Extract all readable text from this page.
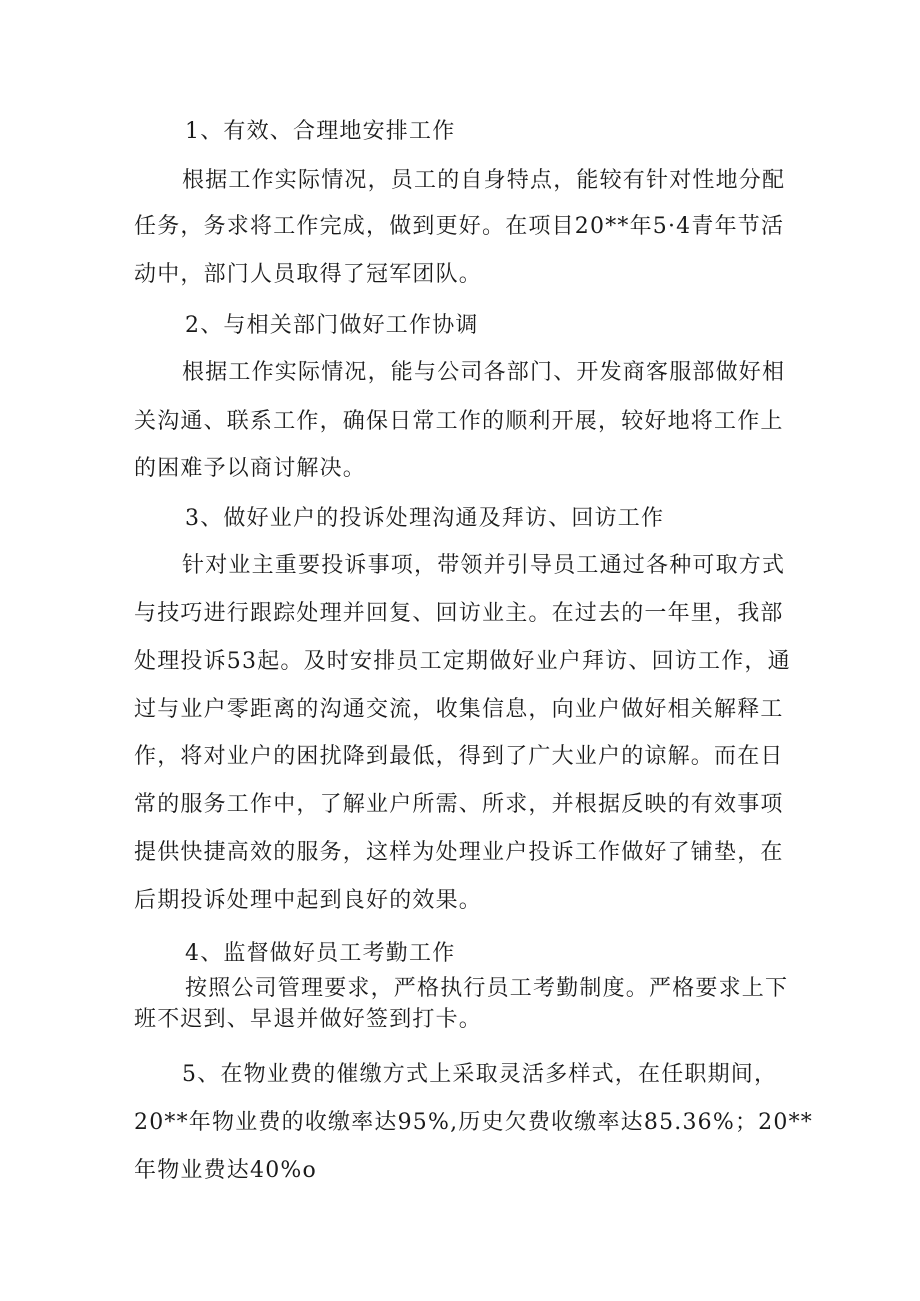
1、有效、合理地安排工作
根据工作实际情况，员工的自身特点，能较有针对性地分配
任务，务求将工作完成，做到更好。在项目20**年5·4青年节活
动中，部门人员取得了冠军团队。
2、与相关部门做好工作协调
根据工作实际情况，能与公司各部门、开发商客服部做好相
关沟通、联系工作，确保日常工作的顺利开展，较好地将工作上
的困难予以商讨解决。
3、做好业户的投诉处理沟通及拜访、回访工作
针对业主重要投诉事项，带领并引导员工通过各种可取方式
与技巧进行跟踪处理并回复、回访业主。在过去的一年里，我部
处理投诉53起。及时安排员工定期做好业户拜访、回访工作，通
过与业户零距离的沟通交流，收集信息，向业户做好相关解释工
作，将对业户的困扰降到最低，得到了广大业户的谅解。而在日
常的服务工作中，了解业户所需、所求，并根据反映的有效事项
提供快捷高效的服务，这样为处理业户投诉工作做好了铺垫，在
后期投诉处理中起到良好的效果。
4、监督做好员工考勤工作
按照公司管理要求，严格执行员工考勤制度。严格要求上下
班不迟到、早退并做好签到打卡。
5、在物业费的催缴方式上采取灵活多样式，在任职期间，
20**年物业费的收缴率达95%,历史欠费收缴率达85.36%；20**
年物业费达40%o
